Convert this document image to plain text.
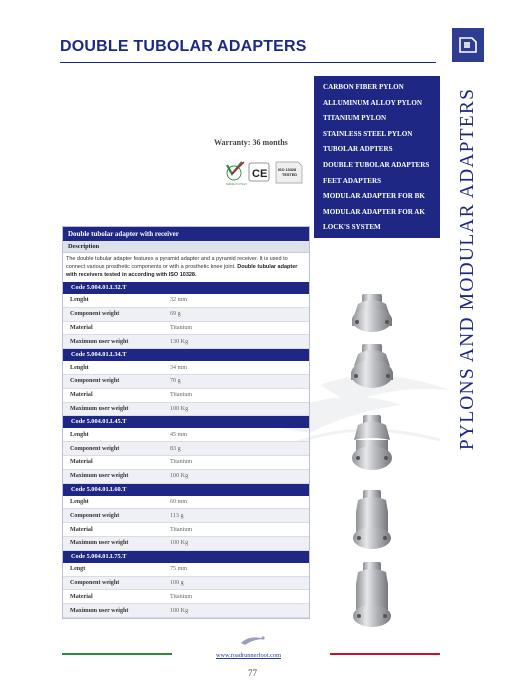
DOUBLE TUBOLAR ADAPTERS
CARBON FIBER PYLON
ALLUMINUM ALLOY PYLON
TITANIUM PYLON
STAINLESS STEEL PYLON
TUBOLAR ADPTERS
DOUBLE TUBOLAR ADAPTERS
FEET ADAPTERS
MODULAR ADAPTER FOR BK
MODULAR ADAPTER FOR AK
LOCK'S SYSTEM	PYLONS AND MODULAR ADAPTERS
Warranty: 36 months
MADE IN ITALY
CE	ISO 10328
TESTED
Double tubolar adapter with receiver
Description
The double tubular adapter features a pyramid adapter and a pyramid receiver. It is used to connect various prosthetic components or with a prosthetic knee joint. Double tubular adapter with receivers tested in according with ISO 10328.
Code 5.004.01.L32.T
Lenght	32 mm
Component weight	69 g
Material	Titanium
Maximum user weight	130 Kg
Code 5.004.01.L34.T
Lenght	34 mm
Component weight	70 g
Material	Titanium
Maximum user weight	100 Kg
Code 5.004.01.L45.T
Lenght	45 mm
Component weight	83 g
Material	Titanium
Maximum user weight	100 Kg
Code 5.004.01.L60.T
Lenght	60 mm
Component weight	113 g
Material	Titanium
Maximum user weight	100 Kg
Code 5.004.01.L75.T
Lengt	75 mm
Component weight	100 g
Material	Titanium
Maximum user weight	100 Kg
www.roadrunnerfoot.com
77
